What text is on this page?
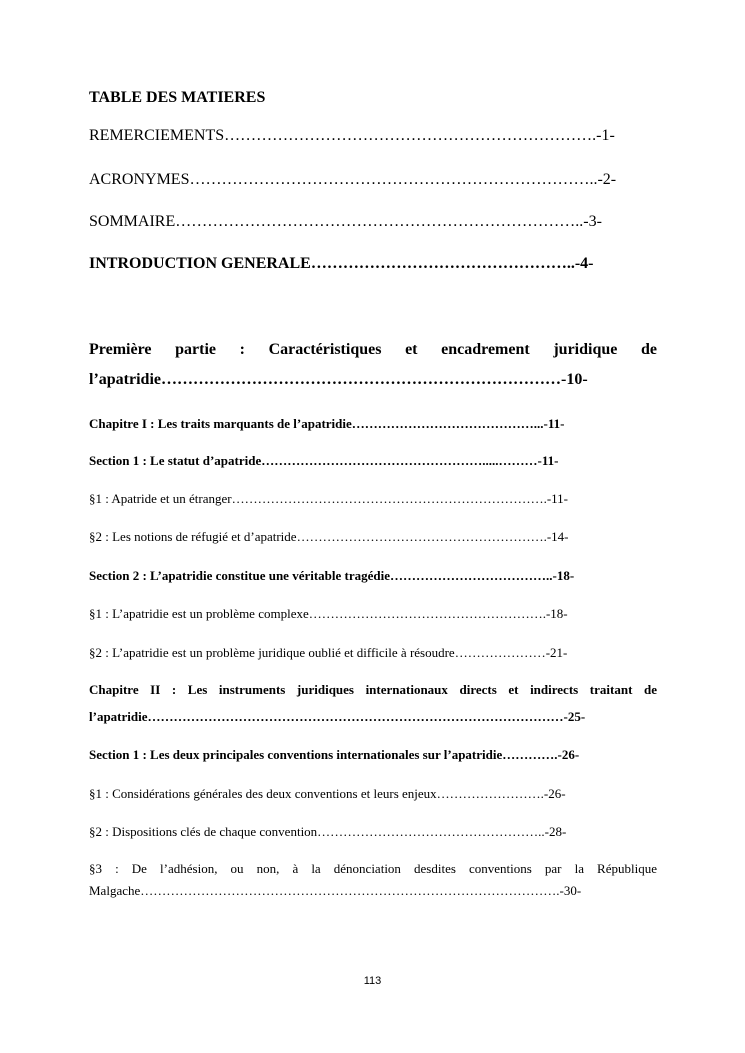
TABLE DES MATIERES
REMERCIEMENTS…………………………………………………………….-1-
ACRONYMES…………………………………………………………………..-2-
SOMMAIRE…………………………………………………………………..-3-
INTRODUCTION GENERALE…………………………………………..-4-
Première partie : Caractéristiques et encadrement juridique de
l’apatridie…………………………………………………………………-10-
Chapitre I : Les traits marquants de l’apatridie……………………………………...-11-
Section 1 : Le statut d’apatride…………………………………………….....………-11-
§1 : Apatride et un étranger……………………………………………………………….-11-
§2 : Les notions de réfugié et d’apatride………………………………………………….-14-
Section 2 : L’apatridie constitue une véritable tragédie………………………………..-18-
§1 : L’apatridie est un problème complexe……………………………………………….-18-
§2 : L’apatridie est un problème juridique oublié et difficile à résoudre…………………-21-
Chapitre II : Les instruments juridiques internationaux directs et indirects traitant de
l’apatridie……………………………………………………………………………………-25-
Section 1 : Les deux principales conventions internationales sur l’apatridie………….-26-
§1 : Considérations générales des deux conventions et leurs enjeux…………………….-26-
§2 : Dispositions clés de chaque convention……………………………………………..-28-
§3 : De l’adhésion, ou non, à la dénonciation desdites conventions par la République
Malgache…………………………………………………………………………………….-30-
113
